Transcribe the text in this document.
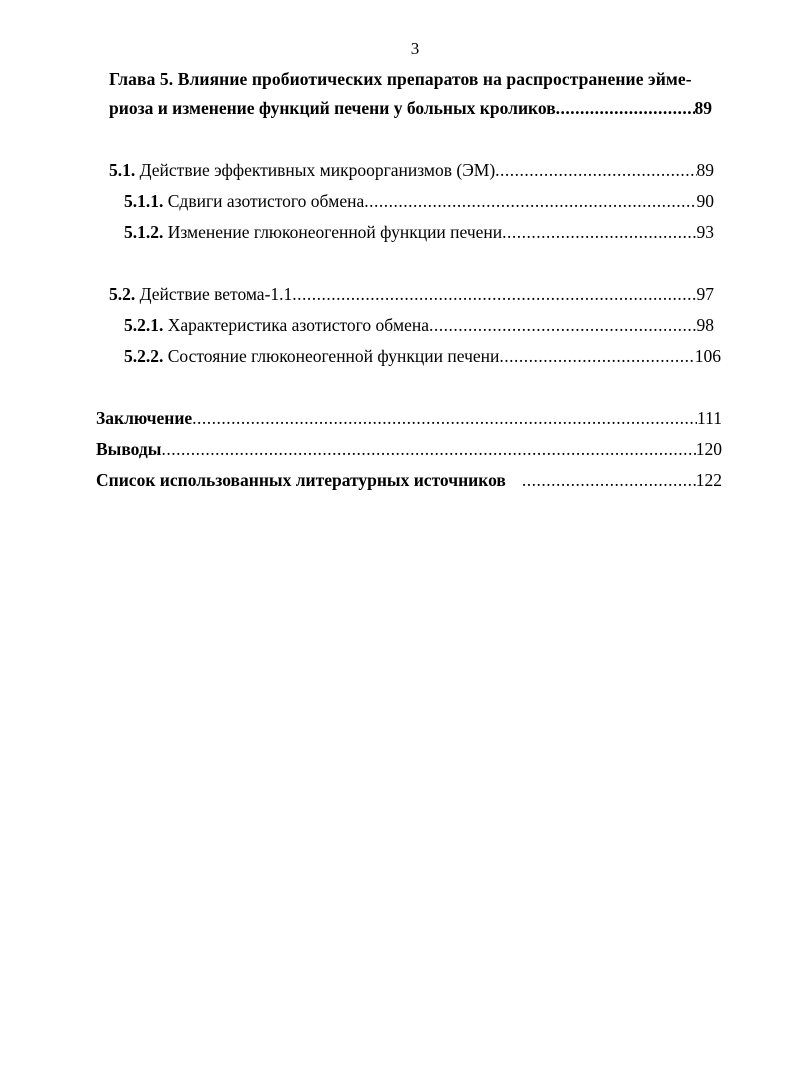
3
Глава 5. Влияние пробиотических препаратов на распространение эйме-
риоза и изменение функций печени у больных кроликов .....	89
5.1. Действие эффективных микроорганизмов (ЭМ) .....	89
5.1.1. Сдвиги азотистого обмена .....	90
5.1.2. Изменение глюконеогенной функции печени .....	93
5.2. Действие ветома-1.1 .....	97
5.2.1. Характеристика азотистого обмена .....	98
5.2.2. Состояние глюконеогенной функции печени .....	106
Заключение .....	111
Выводы .....	120
Список использованных литературных источников .....	122
